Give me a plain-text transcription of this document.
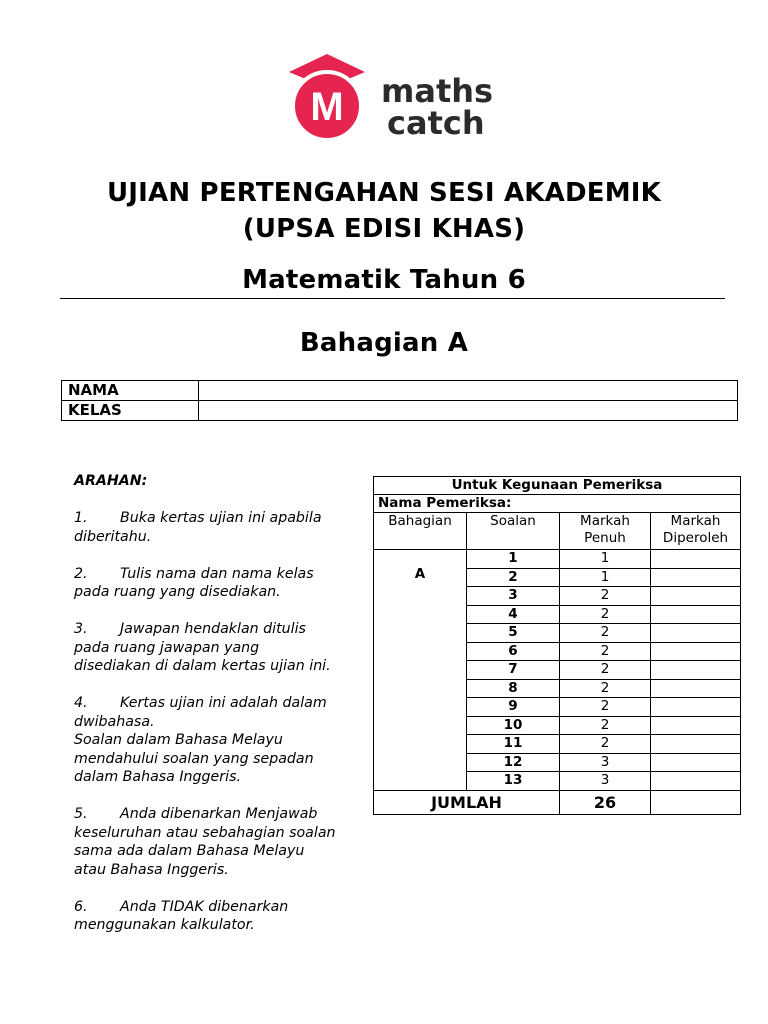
M maths
catch
UJIAN PERTENGAHAN SESI AKADEMIK
(UPSA EDISI KHAS)
Matematik Tahun 6
Bahagian A
NAMA	
KELAS	
ARAHAN:
1. Buka kertas ujian ini apabila
diberitahu.
2. Tulis nama dan nama kelas
pada ruang yang disediakan.
3. Jawapan hendaklan ditulis
pada ruang jawapan yang
disediakan di dalam kertas ujian ini.
4. Kertas ujian ini adalah dalam
dwibahasa.
Soalan dalam Bahasa Melayu
mendahului soalan yang sepadan
dalam Bahasa Inggeris.
5. Anda dibenarkan Menjawab
keseluruhan atau sebahagian soalan
sama ada dalam Bahasa Melayu
atau Bahasa Inggeris.
6. Anda TIDAK dibenarkan
menggunakan kalkulator.
Untuk Kegunaan Pemeriksa			
Nama Pemeriksa:			
Bahagian	Soalan	Markah Penuh	Markah Diperoleh
A	1	1	
	2	1	
	3	2	
	4	2	
	5	2	
	6	2	
	7	2	
	8	2	
	9	2	
	10	2	
	11	2	
	12	3	
	13	3	
JUMLAH		26	
